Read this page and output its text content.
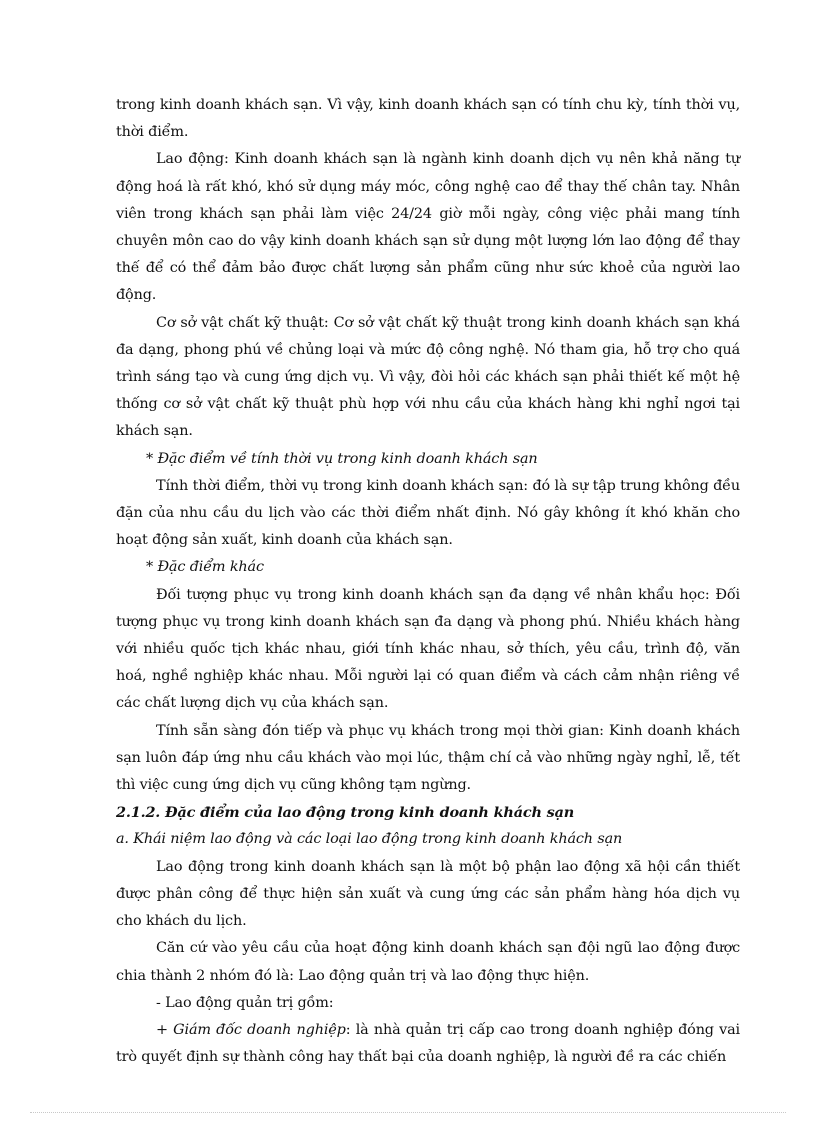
trong kinh doanh khách sạn. Vì vậy, kinh doanh khách sạn có tính chu kỳ, tính thời vụ, thời điểm.

Lao động: Kinh doanh khách sạn là ngành kinh doanh dịch vụ nên khả năng tự động hoá là rất khó, khó sử dụng máy móc, công nghệ cao để thay thế chân tay. Nhân viên trong khách sạn phải làm việc 24/24 giờ mỗi ngày, công việc phải mang tính chuyên môn cao do vậy kinh doanh khách sạn sử dụng một lượng lớn lao động để thay thế để có thể đảm bảo được chất lượng sản phẩm cũng như sức khoẻ của người lao động.

Cơ sở vật chất kỹ thuật: Cơ sở vật chất kỹ thuật trong kinh doanh khách sạn khá đa dạng, phong phú về chủng loại và mức độ công nghệ. Nó tham gia, hỗ trợ cho quá trình sáng tạo và cung ứng dịch vụ. Vì vậy, đòi hỏi các khách sạn phải thiết kế một hệ thống cơ sở vật chất kỹ thuật phù hợp với nhu cầu của khách hàng khi nghỉ ngơi tại khách sạn.

* Đặc điểm về tính thời vụ trong kinh doanh khách sạn

Tính thời điểm, thời vụ trong kinh doanh khách sạn: đó là sự tập trung không đều đặn của nhu cầu du lịch vào các thời điểm nhất định. Nó gây không ít khó khăn cho hoạt động sản xuất, kinh doanh của khách sạn.

* Đặc điểm khác

Đối tượng phục vụ trong kinh doanh khách sạn đa dạng về nhân khẩu học: Đối tượng phục vụ trong kinh doanh khách sạn đa dạng và phong phú. Nhiều khách hàng với nhiều quốc tịch khác nhau, giới tính khác nhau, sở thích, yêu cầu, trình độ, văn hoá, nghề nghiệp khác nhau. Mỗi người lại có quan điểm và cách cảm nhận riêng về các chất lượng dịch vụ của khách sạn.

Tính sẵn sàng đón tiếp và phục vụ khách trong mọi thời gian: Kinh doanh khách sạn luôn đáp ứng nhu cầu khách vào mọi lúc, thậm chí cả vào những ngày nghỉ, lễ, tết thì việc cung ứng dịch vụ cũng không tạm ngừng.

2.1.2. Đặc điểm của lao động trong kinh doanh khách sạn

a. Khái niệm lao động và các loại lao động trong kinh doanh khách sạn

Lao động trong kinh doanh khách sạn là một bộ phận lao động xã hội cần thiết được phân công để thực hiện sản xuất và cung ứng các sản phẩm hàng hóa dịch vụ cho khách du lịch.

Căn cứ vào yêu cầu của hoạt động kinh doanh khách sạn đội ngũ lao động được chia thành 2 nhóm đó là: Lao động quản trị và lao động thực hiện.

- Lao động quản trị gồm:

+ Giám đốc doanh nghiệp: là nhà quản trị cấp cao trong doanh nghiệp đóng vai trò quyết định sự thành công hay thất bại của doanh nghiệp, là người đề ra các chiến
